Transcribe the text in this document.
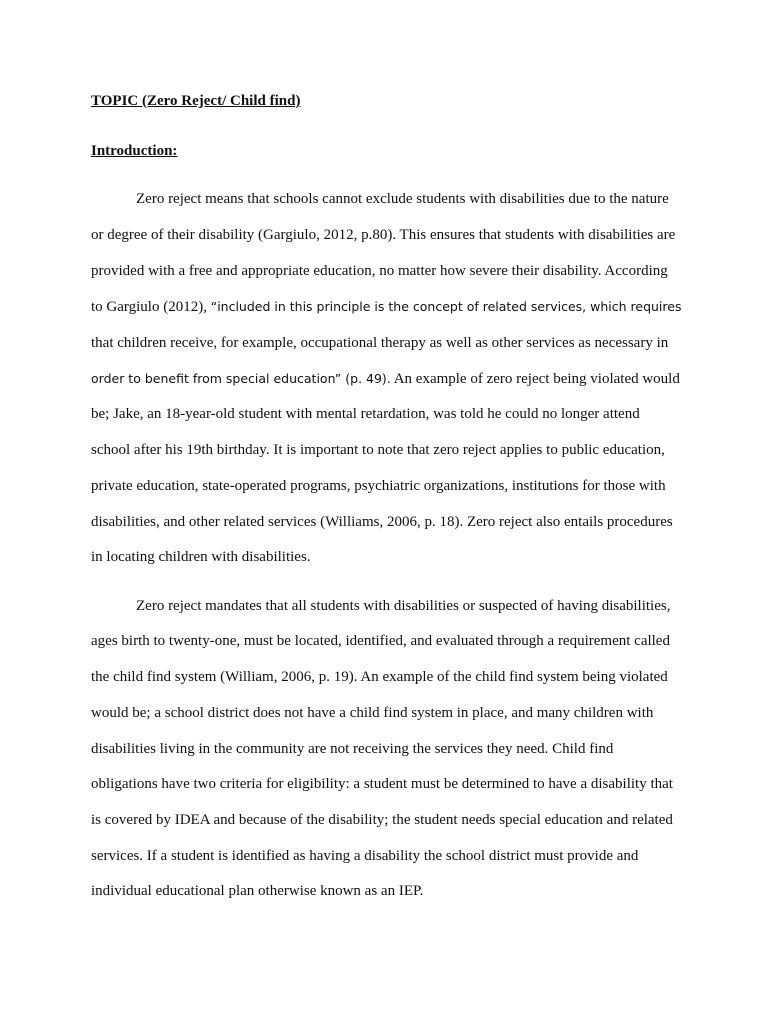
TOPIC (Zero Reject/ Child find)
Introduction:
Zero reject means that schools cannot exclude students with disabilities due to the nature
or degree of their disability (Gargiulo, 2012, p.80). This ensures that students with disabilities are
provided with a free and appropriate education, no matter how severe their disability. According
to Gargiulo (2012), “included in this principle is the concept of related services, which requires
that children receive, for example, occupational therapy as well as other services as necessary in
order to benefit from special education” (p. 49). An example of zero reject being violated would
be; Jake, an 18-year-old student with mental retardation, was told he could no longer attend
school after his 19th birthday. It is important to note that zero reject applies to public education,
private education, state-operated programs, psychiatric organizations, institutions for those with
disabilities, and other related services (Williams, 2006, p. 18). Zero reject also entails procedures
in locating children with disabilities.
Zero reject mandates that all students with disabilities or suspected of having disabilities,
ages birth to twenty-one, must be located, identified, and evaluated through a requirement called
the child find system (William, 2006, p. 19). An example of the child find system being violated
would be; a school district does not have a child find system in place, and many children with
disabilities living in the community are not receiving the services they need. Child find
obligations have two criteria for eligibility: a student must be determined to have a disability that
is covered by IDEA and because of the disability; the student needs special education and related
services. If a student is identified as having a disability the school district must provide and
individual educational plan otherwise known as an IEP.
